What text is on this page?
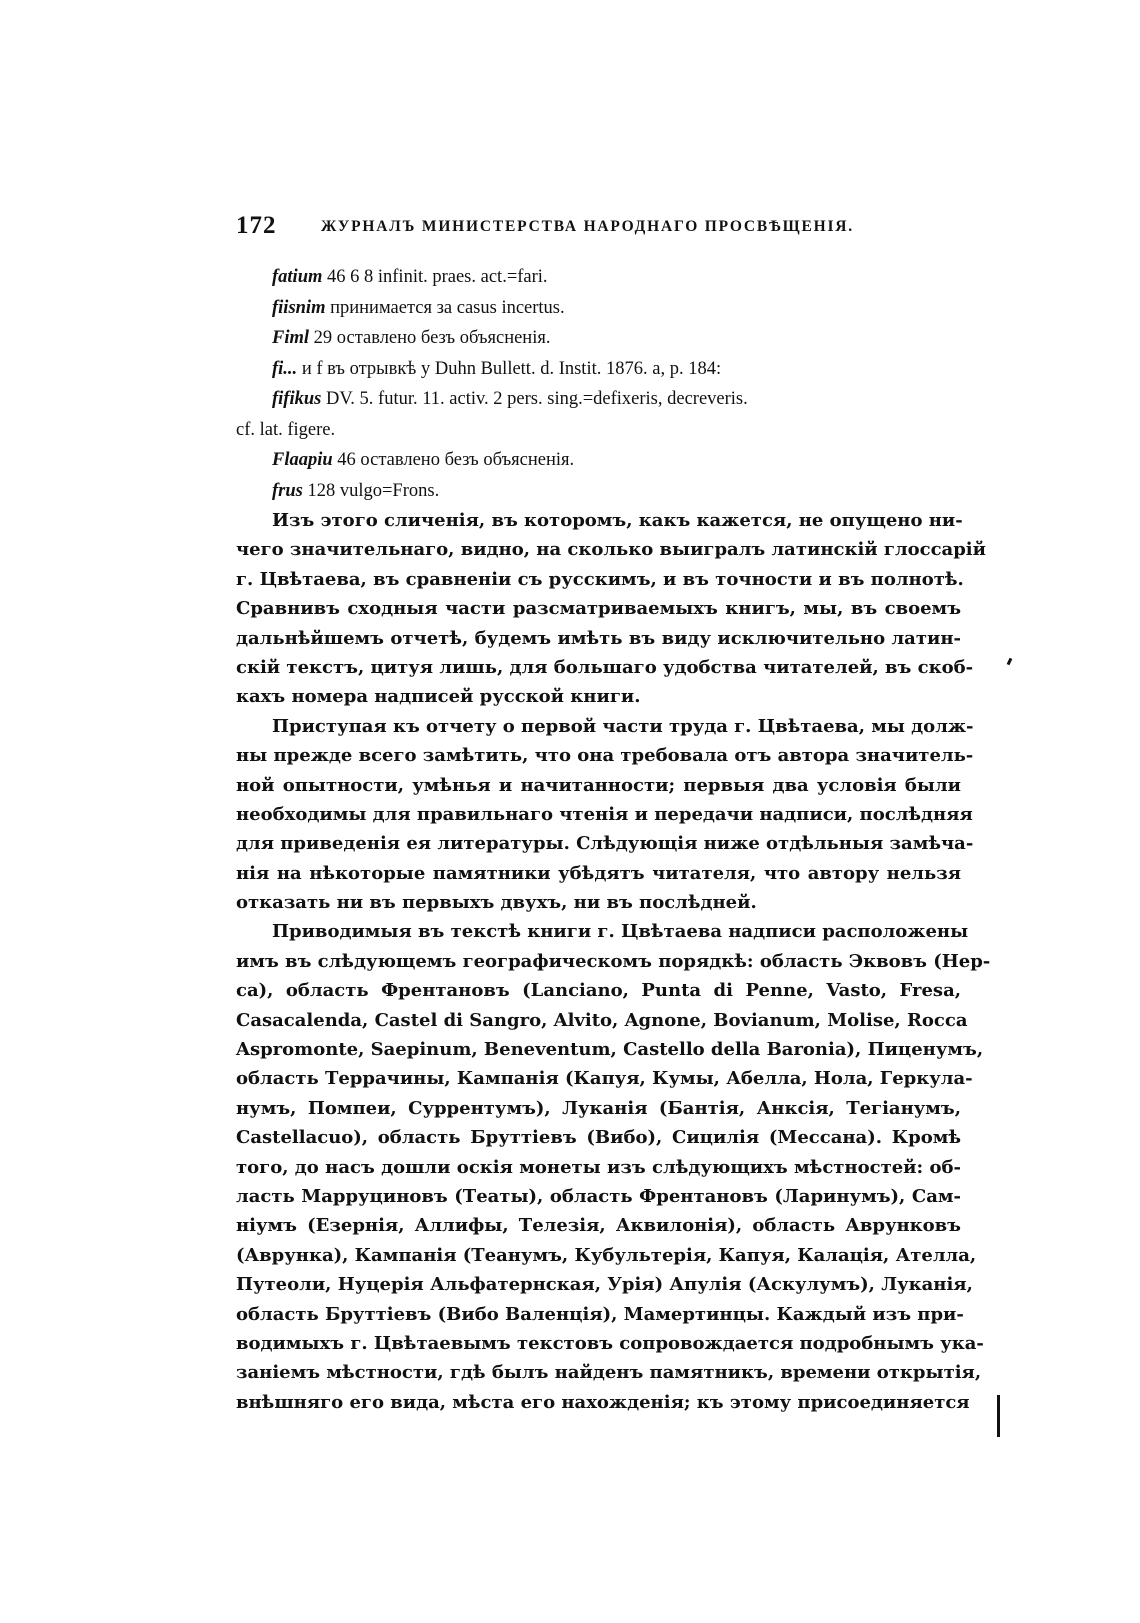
172	ЖУРНАЛЪ МИНИСТЕРСТВА НАРОДНАГО ПРОСВѢЩЕНІЯ.
fatium 46 6 8 infinit. praes. act.=fari.
fiisnim принимается за casus incertus.
Fiml 29 оставлено безъ объясненія.
fi... и f въ отрывкѣ у Duhn Bullett. d. Instit. 1876. a, p. 184:
fifikus DV. 5. futur. 11. activ. 2 pers. sing.=defixeris, decreveris.
cf. lat. figere.
Flaapiu 46 оставлено безъ объясненія.
frus 128 vulgo=Frons.
Изъ этого сличенія, въ которомъ, какъ кажется, не опущено ни-
чего значительнаго, видно, на сколько выигралъ латинскій глоссарій
г. Цвѣтаева, въ сравненіи съ русскимъ, и въ точности и въ полнотѣ.
Сравнивъ сходныя части разсматриваемыхъ книгъ, мы, въ своемъ
дальнѣйшемъ отчетѣ, будемъ имѣть въ виду исключительно латин-
скій текстъ, цитуя лишь, для большаго удобства читателей, въ скоб-
кахъ номера надписей русской книги.
Приступая къ отчету о первой части труда г. Цвѣтаева, мы долж-
ны прежде всего замѣтить, что она требовала отъ автора значитель-
ной опытности, умѣнья и начитанности; первыя два условія были
необходимы для правильнаго чтенія и передачи надписи, послѣдняя
для приведенія ея литературы. Слѣдующія ниже отдѣльныя замѣча-
нія на нѣкоторые памятники убѣдятъ читателя, что автору нельзя
отказать ни въ первыхъ двухъ, ни въ послѣдней.
Приводимыя въ текстѣ книги г. Цвѣтаева надписи расположены
имъ въ слѣдующемъ географическомъ порядкѣ: область Эквовъ (Нер-
са), область Френтановъ (Lanciano, Punta di Penne, Vasto, Fresa,
Casacalenda, Castel di Sangro, Alvito, Agnone, Bovianum, Molise, Rocca
Aspromonte, Saepinum, Beneventum, Castello della Baronia), Пиценумъ,
область Террачины, Кампанія (Капуя, Кумы, Абелла, Нола, Геркула-
нумъ, Помпеи, Суррентумъ), Луканія (Бантія, Анксія, Тегіанумъ,
Castellacuo), область Бруттіевъ (Вибо), Сицилія (Мессана). Кромѣ
того, до насъ дошли оскія монеты изъ слѣдующихъ мѣстностей: об-
ласть Марруциновъ (Театы), область Френтановъ (Ларинумъ), Сам-
ніумъ (Езернія, Аллифы, Телезія, Аквилонія), область Аврунковъ
(Аврунка), Кампанія (Теанумъ, Кубультерія, Капуя, Калація, Ателла,
Путеоли, Нуцерія Альфатернская, Урія) Апулія (Аскулумъ), Луканія,
область Бруттіевъ (Вибо Валенція), Мамертинцы. Каждый изъ при-
водимыхъ г. Цвѣтаевымъ текстовъ сопровождается подробнымъ ука-
заніемъ мѣстности, гдѣ былъ найденъ памятникъ, времени открытія,
внѣшняго его вида, мѣста его нахожденія; къ этому присоединяется
